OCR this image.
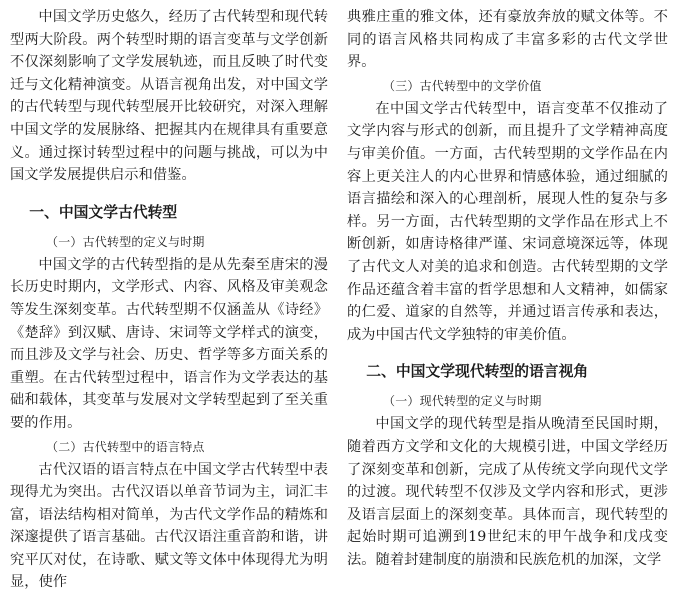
中国文学历史悠久，经历了古代转型和现代转型两大阶段。两个转型时期的语言变革与文学创新不仅深刻影响了文学发展轨迹，而且反映了时代变迁与文化精神演变。从语言视角出发，对中国文学的古代转型与现代转型展开比较研究，对深入理解中国文学的发展脉络、把握其内在规律具有重要意义。通过探讨转型过程中的问题与挑战，可以为中国文学发展提供启示和借鉴。

一、中国文学古代转型
（一）古代转型的定义与时期

中国文学的古代转型指的是从先秦至唐宋的漫长历史时期内，文学形式、内容、风格及审美观念等发生深刻变革。古代转型期不仅涵盖从《诗经》《楚辞》到汉赋、唐诗、宋词等文学样式的演变，而且涉及文学与社会、历史、哲学等多方面关系的重塑。在古代转型过程中，语言作为文学表达的基础和载体，其变革与发展对文学转型起到了至关重要的作用。

（二）古代转型中的语言特点

古代汉语的语言特点在中国文学古代转型中表现得尤为突出。古代汉语以单音节词为主，词汇丰富，语法结构相对简单，为古代文学作品的精炼和深邃提供了语言基础。古代汉语注重音韵和谐，讲究平仄对仗，在诗歌、赋文等文体中体现得尤为明显，使作

典雅庄重的雅文体，还有豪放奔放的赋文体等。不同的语言风格共同构成了丰富多彩的古代文学世界。

（三）古代转型中的文学价值

在中国文学古代转型中，语言变革不仅推动了文学内容与形式的创新，而且提升了文学精神高度与审美价值。一方面，古代转型期的文学作品在内容上更关注人的内心世界和情感体验，通过细腻的语言描绘和深入的心理剖析，展现人性的复杂与多样。另一方面，古代转型期的文学作品在形式上不断创新，如唐诗格律严谨、宋词意境深远等，体现了古代文人对美的追求和创造。古代转型期的文学作品还蕴含着丰富的哲学思想和人文精神，如儒家的仁爱、道家的自然等，并通过语言传承和表达，成为中国古代文学独特的审美价值。

二、中国文学现代转型的语言视角
（一）现代转型的定义与时期

中国文学的现代转型是指从晚清至民国时期，随着西方文学和文化的大规模引进，中国文学经历了深刻变革和创新，完成了从传统文学向现代文学的过渡。现代转型不仅涉及文学内容和形式，更涉及语言层面上的深刻变革。具体而言，现代转型的起始时期可追溯到19世纪末的甲午战争和戊戌变法。随着封建制度的崩溃和民族危机的加深，文学
